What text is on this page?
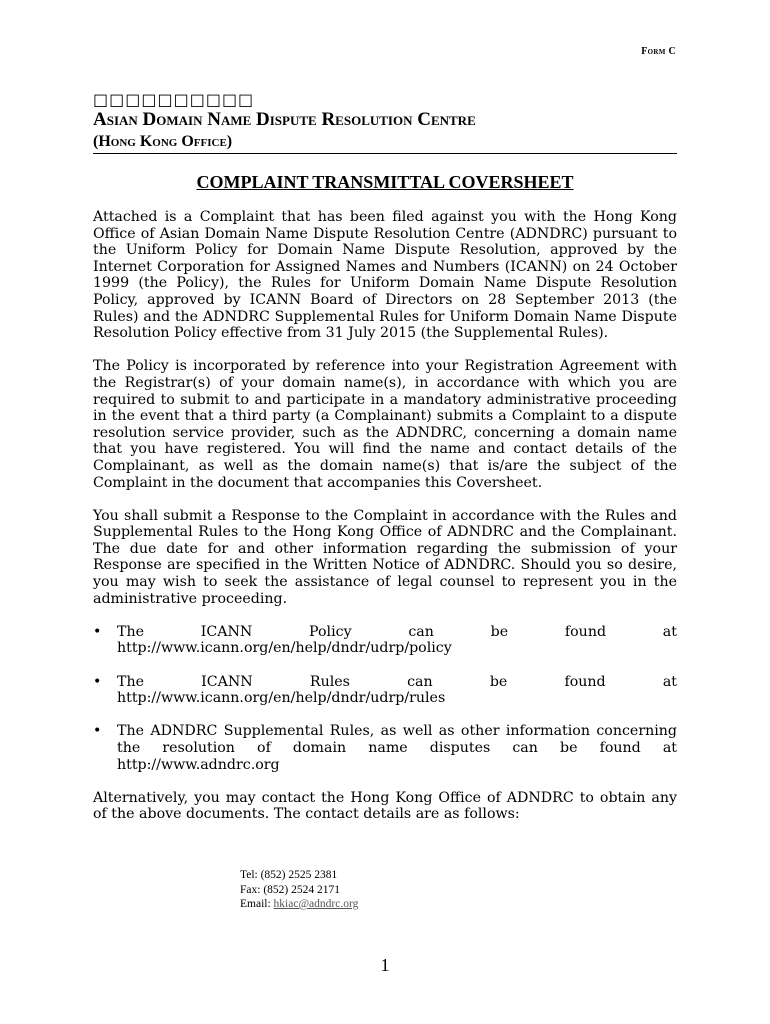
Form C
□□□□□□□□□□
Asian Domain Name Dispute Resolution Centre
(Hong Kong Office)
COMPLAINT TRANSMITTAL COVERSHEET

Attached is a Complaint that has been filed against you with the Hong Kong Office of Asian Domain Name Dispute Resolution Centre (ADNDRC) pursuant to the Uniform Policy for Domain Name Dispute Resolution, approved by the Internet Corporation for Assigned Names and Numbers (ICANN) on 24 October 1999 (the Policy), the Rules for Uniform Domain Name Dispute Resolution Policy, approved by ICANN Board of Directors on 28 September 2013 (the Rules) and the ADNDRC Supplemental Rules for Uniform Domain Name Dispute Resolution Policy effective from 31 July 2015 (the Supplemental Rules).

The Policy is incorporated by reference into your Registration Agreement with the Registrar(s) of your domain name(s), in accordance with which you are required to submit to and participate in a mandatory administrative proceeding in the event that a third party (a Complainant) submits a Complaint to a dispute resolution service provider, such as the ADNDRC, concerning a domain name that you have registered. You will find the name and contact details of the Complainant, as well as the domain name(s) that is/are the subject of the Complaint in the document that accompanies this Coversheet.

You shall submit a Response to the Complaint in accordance with the Rules and Supplemental Rules to the Hong Kong Office of ADNDRC and the Complainant. The due date for and other information regarding the submission of your Response are specified in the Written Notice of ADNDRC. Should you so desire, you may wish to seek the assistance of legal counsel to represent you in the administrative proceeding.

• The	ICANN	Policy	can	be	found	at
http://www.icann.org/en/help/dndr/udrp/policy
• The	ICANN	Rules	can	be	found	at
http://www.icann.org/en/help/dndr/udrp/rules
• The ADNDRC Supplemental Rules, as well as other information concerning the resolution of domain name disputes can be found at http://www.adndrc.org

Alternatively, you may contact the Hong Kong Office of ADNDRC to obtain any of the above documents. The contact details are as follows:

Tel: (852) 2525 2381
Fax: (852) 2524 2171
Email: hkiac@adndrc.org
1
